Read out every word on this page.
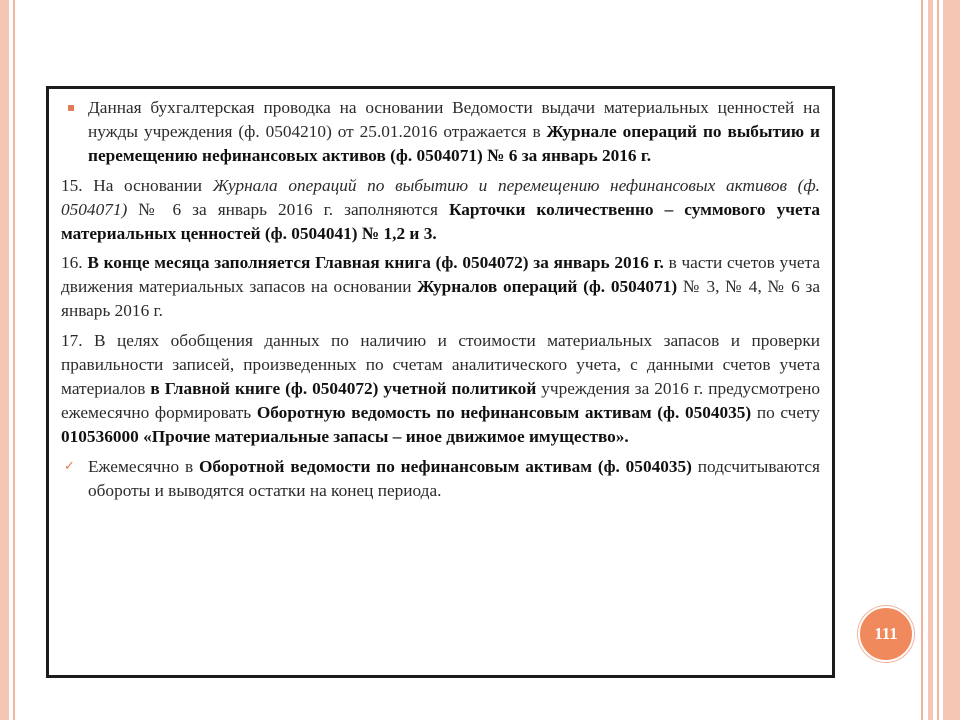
▪ Данная бухгалтерская проводка на основании Ведомости выдачи материальных ценностей на нужды учреждения (ф. 0504210) от 25.01.2016 отражается в Журнале операций по выбытию и перемещению нефинансовых активов (ф. 0504071) № 6 за январь 2016 г.

15. На основании Журнала операций по выбытию и перемещению нефинансовых активов (ф. 0504071) № 6 за январь 2016 г. заполняются Карточки количественно – суммового учета материальных ценностей (ф. 0504041) № 1,2 и 3.

16. В конце месяца заполняется Главная книга (ф. 0504072) за январь 2016 г. в части счетов учета движения материальных запасов на основании Журналов операций (ф. 0504071) № 3, № 4, № 6 за январь 2016 г.

17. В целях обобщения данных по наличию и стоимости материальных запасов и проверки правильности записей, произведенных по счетам аналитического учета, с данными счетов учета материалов в Главной книге (ф. 0504072) учетной политикой учреждения за 2016 г. предусмотрено ежемесячно формировать Оборотную ведомость по нефинансовым активам (ф. 0504035) по счету 010536000 «Прочие материальные запасы – иное движимое имущество».

✓ Ежемесячно в Оборотной ведомости по нефинансовым активам (ф. 0504035) подсчитываются обороты и выводятся остатки на конец периода.

111
